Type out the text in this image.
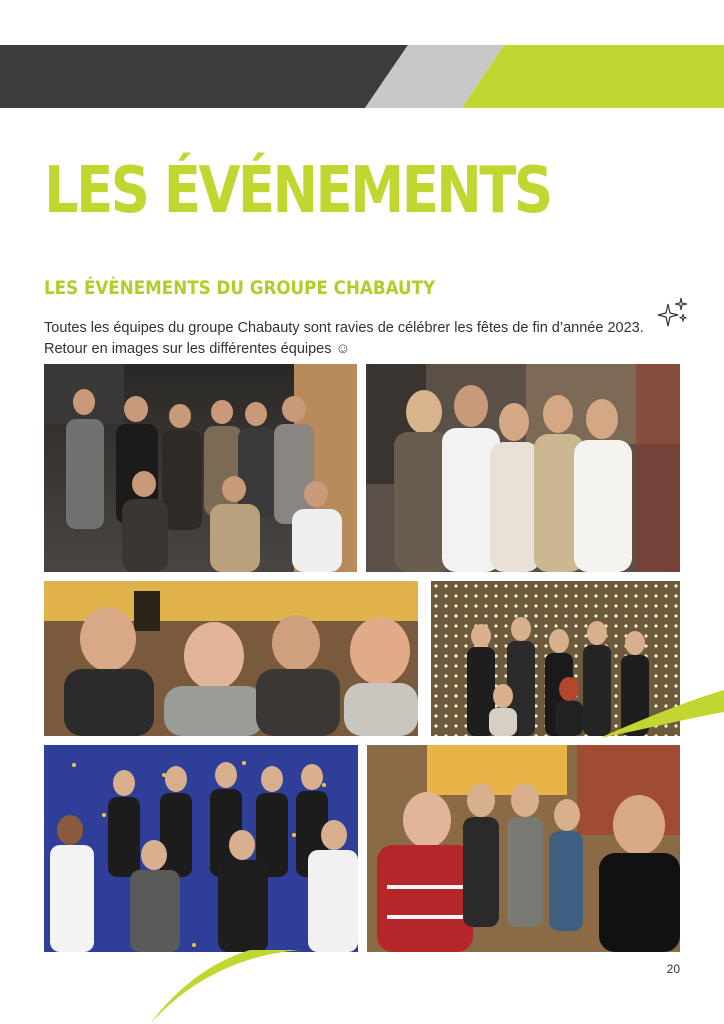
LES ÉVÉNEMENTS
LES ÉVÈNEMENTS DU GROUPE CHABAUTY

Toutes les équipes du groupe Chabauty sont ravies de célébrer les fêtes de fin d’année 2023.

Retour en images sur les différentes équipes ☺

20
